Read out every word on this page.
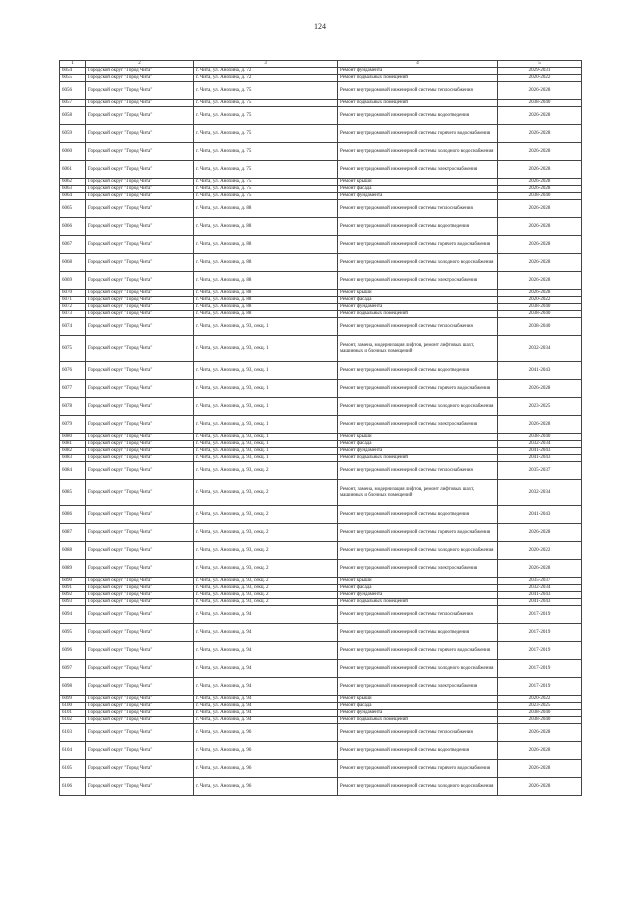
124
1	2	3	4	5
6054	Городской округ "Город Чита"	г. Чита, ул. Анохина, д. 72	Ремонт фундамента	2029-2031
6055	Городской округ "Город Чита"	г. Чита, ул. Анохина, д. 72	Ремонт подвальных помещений	2020-2022
6056	Городской округ "Город Чита"	г. Чита, ул. Анохина, д. 75	Ремонт внутридомовой инженерной системы теплоснабжения	2026-2028
6057	Городской округ "Город Чита"	г. Чита, ул. Анохина, д. 75	Ремонт подвальных помещений	2038-2040
6058	Городской округ "Город Чита"	г. Чита, ул. Анохина, д. 75	Ремонт внутридомовой инженерной системы водоотведения	2026-2028
6059	Городской округ "Город Чита"	г. Чита, ул. Анохина, д. 75	Ремонт внутридомовой инженерной системы горячего водоснабжения	2026-2028
6060	Городской округ "Город Чита"	г. Чита, ул. Анохина, д. 75	Ремонт внутридомовой инженерной системы холодного водоснабжения	2026-2028
6061	Городской округ "Город Чита"	г. Чита, ул. Анохина, д. 75	Ремонт внутридомовой инженерной системы электроснабжения	2026-2028
6062	Городской округ "Город Чита"	г. Чита, ул. Анохина, д. 75	Ремонт крыши	2026-2028
6063	Городской округ "Город Чита"	г. Чита, ул. Анохина, д. 75	Ремонт фасада	2026-2028
6064	Городской округ "Город Чита"	г. Чита, ул. Анохина, д. 75	Ремонт фундамента	2038-2040
6065	Городской округ "Город Чита"	г. Чита, ул. Анохина, д. 88	Ремонт внутридомовой инженерной системы теплоснабжения	2026-2028
6066	Городской округ "Город Чита"	г. Чита, ул. Анохина, д. 88	Ремонт внутридомовой инженерной системы водоотведения	2026-2028
6067	Городской округ "Город Чита"	г. Чита, ул. Анохина, д. 88	Ремонт внутридомовой инженерной системы горячего водоснабжения	2026-2028
6068	Городской округ "Город Чита"	г. Чита, ул. Анохина, д. 88	Ремонт внутридомовой инженерной системы холодного водоснабжения	2026-2028
6069	Городской округ "Город Чита"	г. Чита, ул. Анохина, д. 88	Ремонт внутридомовой инженерной системы электроснабжения	2026-2028
6070	Городской округ "Город Чита"	г. Чита, ул. Анохина, д. 88	Ремонт крыши	2026-2028
6071	Городской округ "Город Чита"	г. Чита, ул. Анохина, д. 88	Ремонт фасада	2020-2022
6072	Городской округ "Город Чита"	г. Чита, ул. Анохина, д. 88	Ремонт фундамента	2038-2040
6073	Городской округ "Город Чита"	г. Чита, ул. Анохина, д. 88	Ремонт подвальных помещений	2038-2040
6074	Городской округ "Город Чита"	г. Чита, ул. Анохина, д. 93, секц. 1	Ремонт внутридомовой инженерной системы теплоснабжения	2038-2040
6075	Городской округ "Город Чита"	г. Чита, ул. Анохина, д. 93, секц. 1	Ремонт, замена, модернизация лифтов, ремонт лифтовых шахт, машинных и блочных помещений	2032-2034
6076	Городской округ "Город Чита"	г. Чита, ул. Анохина, д. 93, секц. 1	Ремонт внутридомовой инженерной системы водоотведения	2041-2043
6077	Городской округ "Город Чита"	г. Чита, ул. Анохина, д. 93, секц. 1	Ремонт внутридомовой инженерной системы горячего водоснабжения	2026-2028
6078	Городской округ "Город Чита"	г. Чита, ул. Анохина, д. 93, секц. 1	Ремонт внутридомовой инженерной системы холодного водоснабжения	2023-2025
6079	Городской округ "Город Чита"	г. Чита, ул. Анохина, д. 93, секц. 1	Ремонт внутридомовой инженерной системы электроснабжения	2026-2028
6080	Городской округ "Город Чита"	г. Чита, ул. Анохина, д. 93, секц. 1	Ремонт крыши	2038-2040
6081	Городской округ "Город Чита"	г. Чита, ул. Анохина, д. 93, секц. 1	Ремонт фасада	2032-2034
6082	Городской округ "Город Чита"	г. Чита, ул. Анохина, д. 93, секц. 1	Ремонт фундамента	2041-2043
6083	Городской округ "Город Чита"	г. Чита, ул. Анохина, д. 93, секц. 1	Ремонт подвальных помещений	2041-2043
6084	Городской округ "Город Чита"	г. Чита, ул. Анохина, д. 93, секц. 2	Ремонт внутридомовой инженерной системы теплоснабжения	2035-2037
6085	Городской округ "Город Чита"	г. Чита, ул. Анохина, д. 93, секц. 2	Ремонт, замена, модернизация лифтов, ремонт лифтовых шахт, машинных и блочных помещений	2032-2034
6086	Городской округ "Город Чита"	г. Чита, ул. Анохина, д. 93, секц. 2	Ремонт внутридомовой инженерной системы водоотведения	2041-2043
6087	Городской округ "Город Чита"	г. Чита, ул. Анохина, д. 93, секц. 2	Ремонт внутридомовой инженерной системы горячего водоснабжения	2026-2028
6088	Городской округ "Город Чита"	г. Чита, ул. Анохина, д. 93, секц. 2	Ремонт внутридомовой инженерной системы холодного водоснабжения	2020-2022
6089	Городской округ "Город Чита"	г. Чита, ул. Анохина, д. 93, секц. 2	Ремонт внутридомовой инженерной системы электроснабжения	2026-2028
6090	Городской округ "Город Чита"	г. Чита, ул. Анохина, д. 93, секц. 2	Ремонт крыши	2035-2037
6091	Городской округ "Город Чита"	г. Чита, ул. Анохина, д. 93, секц. 2	Ремонт фасада	2032-2034
6092	Городской округ "Город Чита"	г. Чита, ул. Анохина, д. 93, секц. 2	Ремонт фундамента	2041-2043
6093	Городской округ "Город Чита"	г. Чита, ул. Анохина, д. 93, секц. 2	Ремонт подвальных помещений	2041-2043
6094	Городской округ "Город Чита"	г. Чита, ул. Анохина, д. 94	Ремонт внутридомовой инженерной системы теплоснабжения	2017-2019
6095	Городской округ "Город Чита"	г. Чита, ул. Анохина, д. 94	Ремонт внутридомовой инженерной системы водоотведения	2017-2019
6096	Городской округ "Город Чита"	г. Чита, ул. Анохина, д. 94	Ремонт внутридомовой инженерной системы горячего водоснабжения	2017-2019
6097	Городской округ "Город Чита"	г. Чита, ул. Анохина, д. 94	Ремонт внутридомовой инженерной системы холодного водоснабжения	2017-2019
6098	Городской округ "Город Чита"	г. Чита, ул. Анохина, д. 94	Ремонт внутридомовой инженерной системы электроснабжения	2017-2019
6099	Городской округ "Город Чита"	г. Чита, ул. Анохина, д. 94	Ремонт крыши	2020-2022
6100	Городской округ "Город Чита"	г. Чита, ул. Анохина, д. 94	Ремонт фасада	2023-2025
6101	Городской округ "Город Чита"	г. Чита, ул. Анохина, д. 94	Ремонт фундамента	2038-2040
6102	Городской округ "Город Чита"	г. Чита, ул. Анохина, д. 94	Ремонт подвальных помещений	2038-2040
6103	Городской округ "Город Чита"	г. Чита, ул. Анохина, д. 96	Ремонт внутридомовой инженерной системы теплоснабжения	2026-2028
6104	Городской округ "Город Чита"	г. Чита, ул. Анохина, д. 96	Ремонт внутридомовой инженерной системы водоотведения	2026-2028
6105	Городской округ "Город Чита"	г. Чита, ул. Анохина, д. 96	Ремонт внутридомовой инженерной системы горячего водоснабжения	2026-2028
6106	Городской округ "Город Чита"	г. Чита, ул. Анохина, д. 96	Ремонт внутридомовой инженерной системы холодного водоснабжения	2026-2028
